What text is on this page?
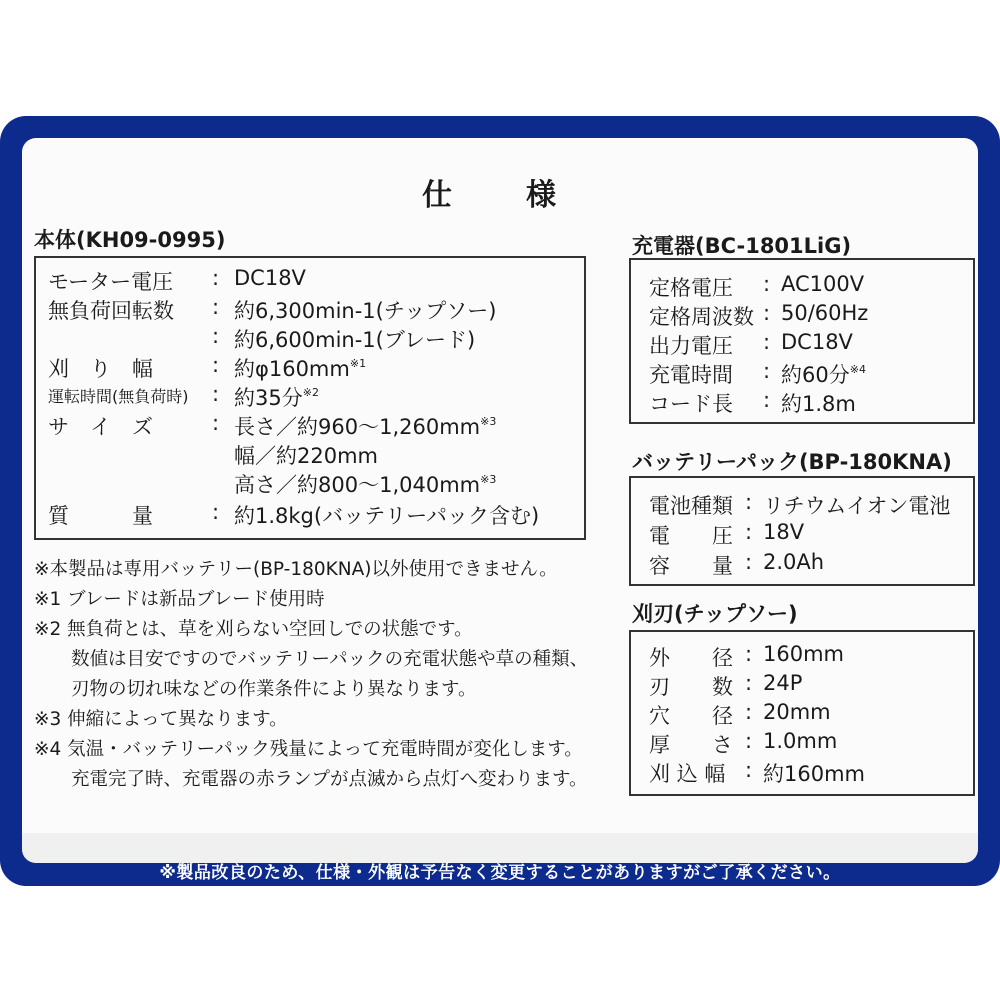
※製品改良のため、仕様・外観は予告なく変更することがありますがご了承ください。
仕　様
本体(KH09-0995)
モーター電圧 : DC18V
無負荷回転数 : 約6,300min-1(チップソー)
: 約6,600min-1(ブレード)
刈　り　幅	: 約$\varphi 160mm^{※1}$
運転時間(無負荷時) : 約35分$^{※2}$
サ　イ　ズ	: 長さ／約$960\sim 1,260mm^{※3}$
幅／約220mm
高さ／約$800\sim 1,040mm^{※3}$
質　　　量	: 約1.8kg(バッテリーパック含む)
※本製品は専用バッテリー(BP-180KNA)以外使用できません。
※1 ブレードは新品ブレード使用時
※2 無負荷とは、草を刈らない空回しでの状態です。
　　数値は目安ですのでバッテリーパックの充電状態や草の種類、
　　刃物の切れ味などの作業条件により異なります。
※3 伸縮によって異なります。
※4 気温・バッテリーパック残量によって充電時間が変化します。
　　充電完了時、充電器の赤ランプが点滅から点灯へ変わります。
充電器(BC-1801LiG)
定格電圧 : AC100V
定格周波数 : 50/60Hz
出力電圧 : DC18V
充電時間 : 約60分$^{※4}$
コード長 : 約1.8m
バッテリーパック(BP-180KNA)
電池種類 : リチウムイオン電池
電　　圧 : 18V
容　　量 : 2.0Ah
刈刃(チップソー)
外　　径 : 160mm
刃　　数 : 24P
穴　　径 : 20mm
厚　　さ : 1.0mm
刈 込 幅 : 約160mm
